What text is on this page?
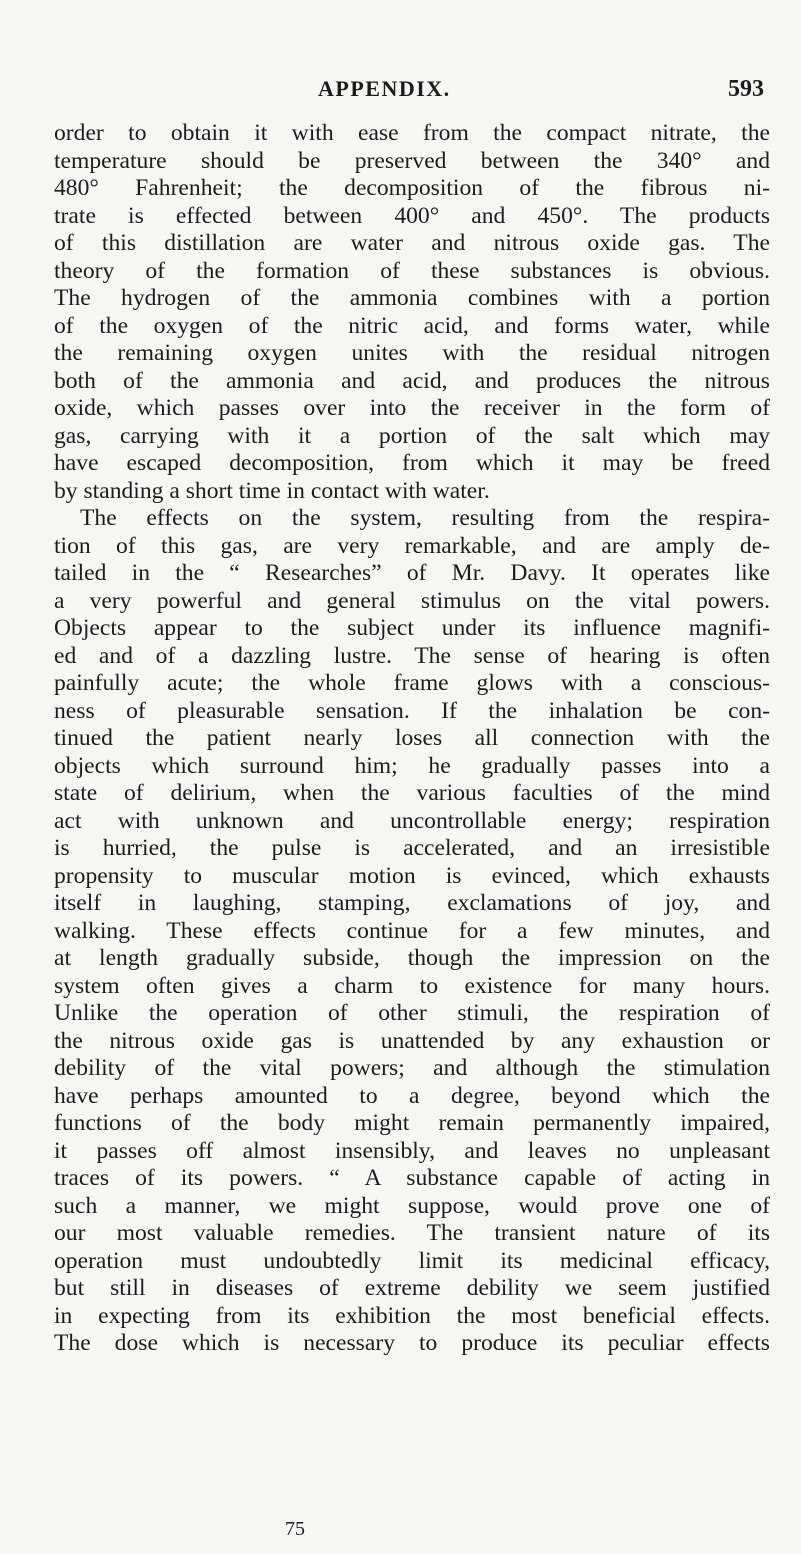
APPENDIX.	593
order to obtain it with ease from the compact nitrate, the
temperature should be preserved between the 340° and
480° Fahrenheit; the decomposition of the fibrous ni-
trate is effected between 400° and 450°. The products
of this distillation are water and nitrous oxide gas. The
theory of the formation of these substances is obvious.
The hydrogen of the ammonia combines with a portion
of the oxygen of the nitric acid, and forms water, while
the remaining oxygen unites with the residual nitrogen
both of the ammonia and acid, and produces the nitrous
oxide, which passes over into the receiver in the form of
gas, carrying with it a portion of the salt which may
have escaped decomposition, from which it may be freed
by standing a short time in contact with water.
The effects on the system, resulting from the respira-
tion of this gas, are very remarkable, and are amply de-
tailed in the “ Researches” of Mr. Davy. It operates like
a very powerful and general stimulus on the vital powers.
Objects appear to the subject under its influence magnifi-
ed and of a dazzling lustre. The sense of hearing is often
painfully acute; the whole frame glows with a conscious-
ness of pleasurable sensation. If the inhalation be con-
tinued the patient nearly loses all connection with the
objects which surround him; he gradually passes into a
state of delirium, when the various faculties of the mind
act with unknown and uncontrollable energy; respiration
is hurried, the pulse is accelerated, and an irresistible
propensity to muscular motion is evinced, which exhausts
itself in laughing, stamping, exclamations of joy, and
walking. These effects continue for a few minutes, and
at length gradually subside, though the impression on the
system often gives a charm to existence for many hours.
Unlike the operation of other stimuli, the respiration of
the nitrous oxide gas is unattended by any exhaustion or
debility of the vital powers; and although the stimulation
have perhaps amounted to a degree, beyond which the
functions of the body might remain permanently impaired,
it passes off almost insensibly, and leaves no unpleasant
traces of its powers. “ A substance capable of acting in
such a manner, we might suppose, would prove one of
our most valuable remedies. The transient nature of its
operation must undoubtedly limit its medicinal efficacy,
but still in diseases of extreme debility we seem justified
in expecting from its exhibition the most beneficial effects.
The dose which is necessary to produce its peculiar effects
75
